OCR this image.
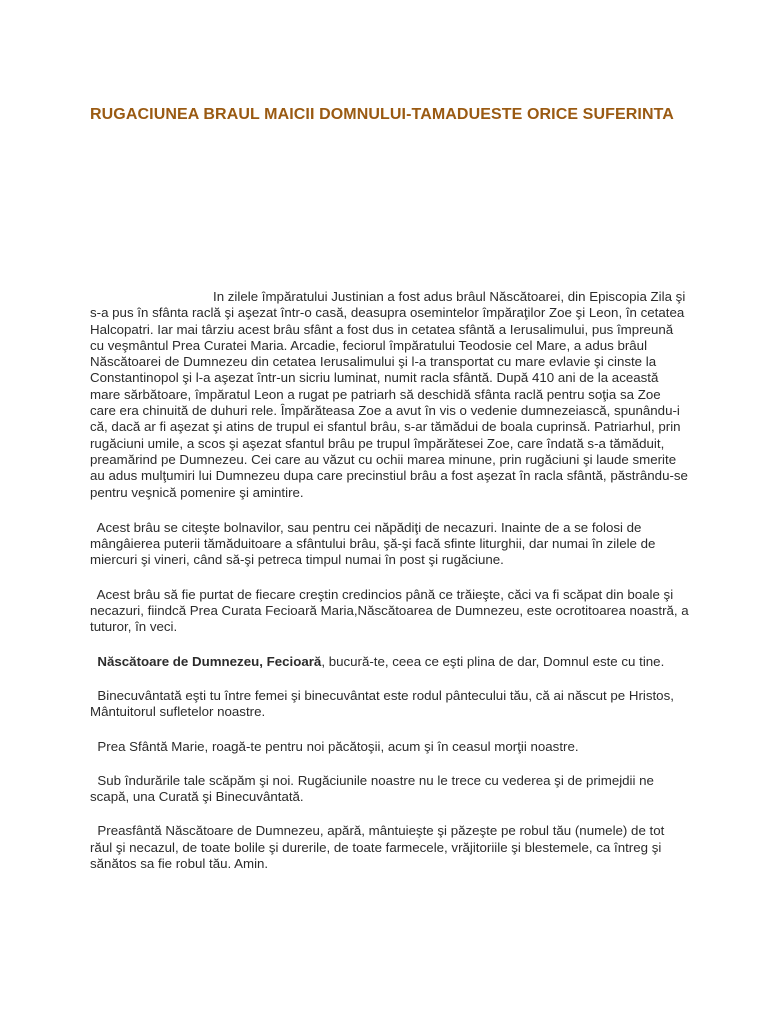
RUGACIUNEA BRAUL MAICII DOMNULUI-TAMADUESTE ORICE SUFERINTA

In zilele împăratului Justinian a fost adus brâul Născătoarei, din Episcopia Zila şi s-a pus în sfânta raclă şi aşezat într-o casă, deasupra osemintelor împăraţilor Zoe şi Leon, în cetatea Halcopatri. Iar mai târziu acest brâu sfânt a fost dus in cetatea sfântă a Ierusalimului, pus împreună cu veşmântul Prea Curatei Maria. Arcadie, feciorul împăratului Teodosie cel Mare, a adus brâul Născătoarei de Dumnezeu din cetatea Ierusalimului şi l-a transportat cu mare evlavie şi cinste la Constantinopol şi l-a aşezat într-un sicriu luminat, numit racla sfântă. După 410 ani de la această mare sărbătoare, împăratul Leon a rugat pe patriarh să deschidă sfânta raclă pentru soţia sa Zoe care era chinuită de duhuri rele. Împărăteasa Zoe a avut în vis o vedenie dumnezeiască, spunându-i că, dacă ar fi aşezat şi atins de trupul ei sfantul brâu, s-ar tămădui de boala cuprinsă. Patriarhul, prin rugăciuni umile, a scos şi aşezat sfantul brâu pe trupul împărătesei Zoe, care îndată s-a tămăduit, preamărind pe Dumnezeu. Cei care au văzut cu ochii marea minune, prin rugăciuni şi laude smerite au adus mulţumiri lui Dumnezeu dupa care precinstiul brâu a fost aşezat în racla sfântă, păstrându-se pentru veşnică pomenire şi amintire.

Acest brâu se citeşte bolnavilor, sau pentru cei năpădiţi de necazuri. Inainte de a se folosi de mângâierea puterii tămăduitoare a sfântului brâu, şă-şi facă sfinte liturghii, dar numai în zilele de miercuri şi vineri, când să-şi petreca timpul numai în post şi rugăciune.

Acest brâu să fie purtat de fiecare creştin credincios până ce trăieşte, căci va fi scăpat din boale şi necazuri, fiindcă Prea Curata Fecioară Maria,Născătoarea de Dumnezeu, este ocrotitoarea noastră, a tuturor, în veci.

Născătoare de Dumnezeu, Fecioară, bucură-te, ceea ce eşti plina de dar, Domnul este cu tine.

Binecuvântată eşti tu între femei şi binecuvântat este rodul pântecului tău, că ai născut pe Hristos, Mântuitorul sufletelor noastre.

Prea Sfântă Marie, roagă-te pentru noi păcătoşii, acum şi în ceasul morţii noastre.

Sub îndurările tale scăpăm şi noi. Rugăciunile noastre nu le trece cu vederea şi de primejdii ne scapă, una Curată şi Binecuvântată.

Preasfântă Născătoare de Dumnezeu, apără, mântuieşte şi păzeşte pe robul tău (numele) de tot răul şi necazul, de toate bolile şi durerile, de toate farmecele, vrăjitoriile şi blestemele, ca întreg şi sănătos sa fie robul tău. Amin.
